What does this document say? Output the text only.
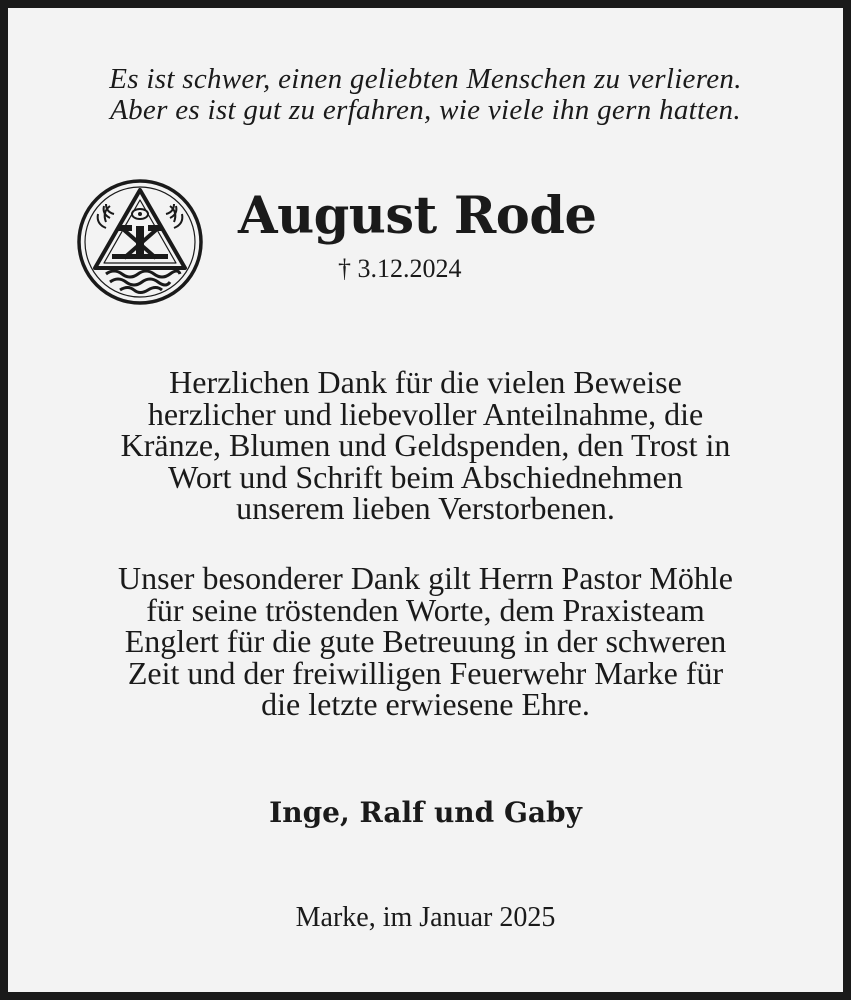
Es ist schwer, einen geliebten Menschen zu verlieren.
Aber es ist gut zu erfahren, wie viele ihn gern hatten.
August Rode
† 3.12.2024
Herzlichen Dank für die vielen Beweise
herzlicher und liebevoller Anteilnahme, die
Kränze, Blumen und Geldspenden, den Trost in
Wort und Schrift beim Abschiednehmen
unserem lieben Verstorbenen.
Unser besonderer Dank gilt Herrn Pastor Möhle
für seine tröstenden Worte, dem Praxisteam
Englert für die gute Betreuung in der schweren
Zeit und der freiwilligen Feuerwehr Marke für
die letzte erwiesene Ehre.
Inge, Ralf und Gaby
Marke, im Januar 2025
